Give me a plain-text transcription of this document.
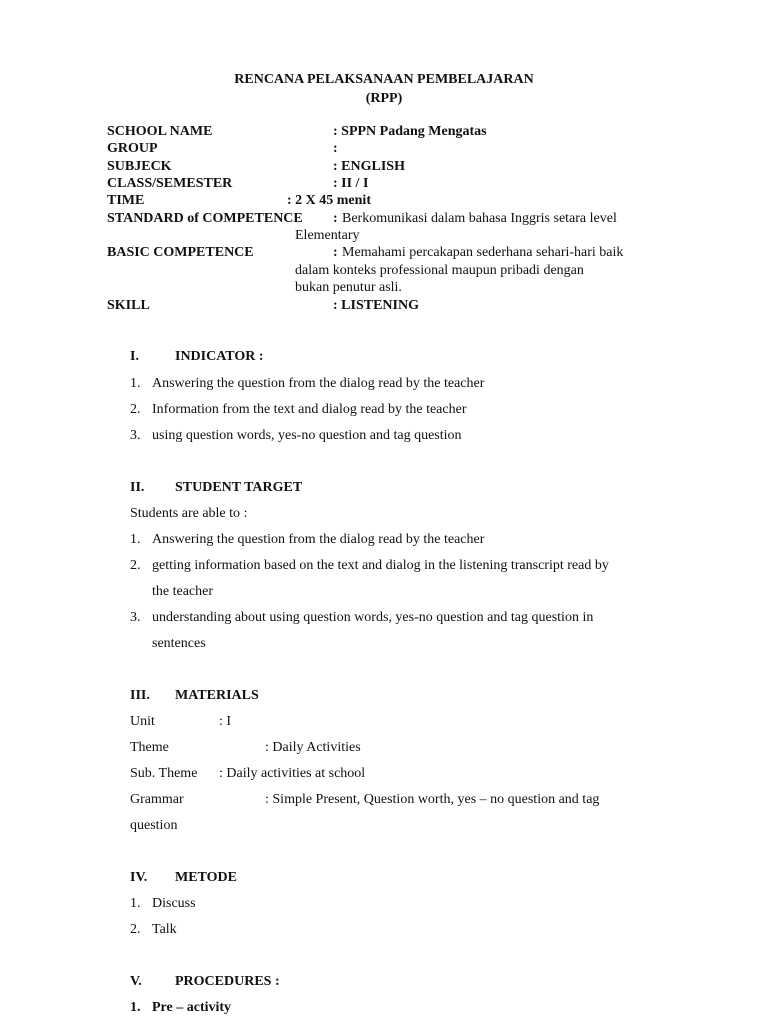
RENCANA PELAKSANAAN PEMBELAJARAN
(RPP)
SCHOOL NAME	: SPPN Padang Mengatas
GROUP	:
SUBJECK	: ENGLISH
CLASS/SEMESTER	: II / I
TIME	: 2 X 45 menit
STANDARD of COMPETENCE : Berkomunikasi dalam bahasa Inggris setara level
Elementary
BASIC COMPETENCE	: Memahami percakapan sederhana sehari-hari baik
dalam konteks professional maupun pribadi dengan
bukan penutur asli.
SKILL	: LISTENING
I.	INDICATOR :
1. Answering the question from the dialog read by the teacher
2. Information from the text and dialog read by the teacher
3. using question words, yes-no question and tag question
II. STUDENT TARGET
Students are able to :
1. Answering the question from the dialog read by the teacher
2. getting information based on the text and dialog in the listening transcript read by
the teacher
3. understanding about using question words, yes-no question and tag question in
sentences
III. MATERIALS
Unit	: I
Theme	: Daily Activities
Sub. Theme : Daily activities at school
Grammar	: Simple Present, Question worth, yes – no question and tag
question
IV. METODE
1. Discuss
2. Talk
V. PROCEDURES :
1. Pre – activity
